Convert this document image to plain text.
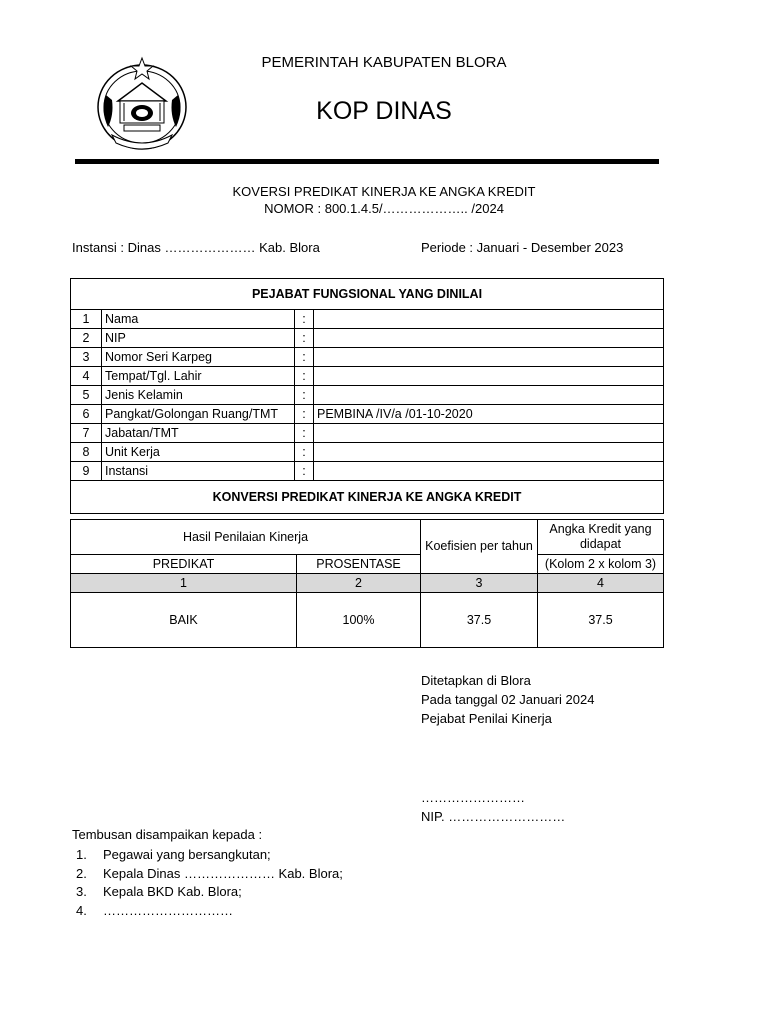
PEMERINTAH KABUPATEN BLORA
KOP DINAS
KOVERSI PREDIKAT KINERJA KE ANGKA KREDIT
NOMOR : 800.1.4.5/……………….. /2024
Instansi : Dinas ………………… Kab. Blora	Periode : Januari - Desember 2023
PEJABAT FUNGSIONAL YANG DINILAI			
1	Nama	:	
2	NIP	:	
3	Nomor Seri Karpeg	:	
4	Tempat/Tgl. Lahir	:	
5	Jenis Kelamin	:	
6	Pangkat/Golongan Ruang/TMT	:	PEMBINA /IV/a /01-10-2020
7	Jabatan/TMT	:	
8	Unit Kerja	:	
9	Instansi	:	
KONVERSI PREDIKAT KINERJA KE ANGKA KREDIT			
Hasil Penilaian Kinerja		Koefisien per tahun	Angka Kredit yang didapat
PREDIKAT	PROSENTASE		(Kolom 2 x kolom 3)
1	2	3	4
BAIK	100%	37.5	37.5
Ditetapkan di Blora
Pada tanggal 02 Januari 2024
Pejabat Penilai Kinerja
……………………
NIP. ………………………
Tembusan disampaikan kepada :
1. Pegawai yang bersangkutan;
2. Kepala Dinas ………………… Kab. Blora;
3. Kepala BKD Kab. Blora;
4. …………………………
